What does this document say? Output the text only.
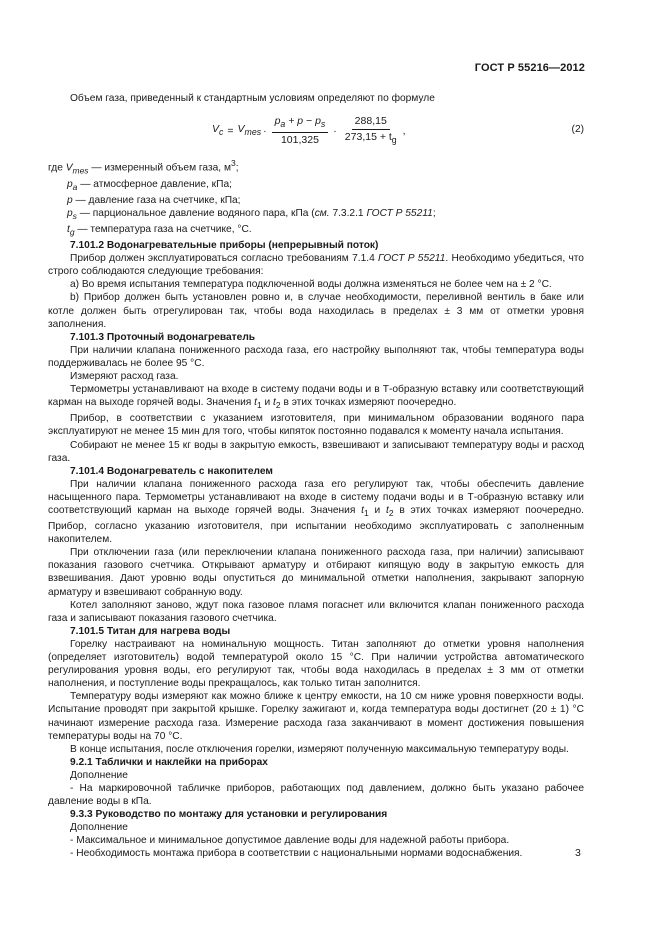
ГОСТ Р 55216—2012

Объем газа, приведенный к стандартным условиям определяют по формуле

$V_c = V_{mes} \cdot \frac{p_a + p - p_s}{101,325} \cdot \frac{288,15}{273,15 + t_g}$ ,	(2)

где $V_{mes}$ — измеренный объем газа, $м^3$;

$p_a$ — атмосферное давление, кПа;

p — давление газа на счетчике, кПа;

$p_s$ — парциональное давление водяного пара, кПа (см. 7.3.2.1 ГОСТ Р 55211;

$t_g$ — температура газа на счетчике, °С.

7.101.2 Водонагревательные приборы (непрерывный поток)

Прибор должен эксплуатироваться согласно требованиям 7.1.4 ГОСТ Р 55211. Необходимо убедиться, что строго соблюдаются следующие требования:

a) Во время испытания температура подключенной воды должна изменяться не более чем на ± 2 °С.

b) Прибор должен быть установлен ровно и, в случае необходимости, переливной вентиль в баке или котле должен быть отрегулирован так, чтобы вода находилась в пределах ± 3 мм от отметки уровня заполнения.

7.101.3 Проточный водонагреватель

При наличии клапана пониженного расхода газа, его настройку выполняют так, чтобы температура воды поддерживалась не более 95 °С.

Измеряют расход газа.

Термометры устанавливают на входе в систему подачи воды и в Т-образную вставку или соответствующий карман на выходе горячей воды. Значения $t_1$ и $t_2$ в этих точках измеряют поочередно.

Прибор, в соответствии с указанием изготовителя, при минимальном образовании водяного пара эксплуатируют не менее 15 мин для того, чтобы кипяток постоянно подавался к моменту начала испытания.

Собирают не менее 15 кг воды в закрытую емкость, взвешивают и записывают температуру воды и расход газа.

7.101.4 Водонагреватель с накопителем

При наличии клапана пониженного расхода газа его регулируют так, чтобы обеспечить давление насыщенного пара. Термометры устанавливают на входе в систему подачи воды и в Т-образную вставку или соответствующий карман на выходе горячей воды. Значения $t_1$ и $t_2$ в этих точках измеряют поочередно. Прибор, согласно указанию изготовителя, при испытании необходимо эксплуатировать с заполненным накопителем.

При отключении газа (или переключении клапана пониженного расхода газа, при наличии) записывают показания газового счетчика. Открывают арматуру и отбирают кипящую воду в закрытую емкость для взвешивания. Дают уровню воды опуститься до минимальной отметки наполнения, закрывают запорную арматуру и взвешивают собранную воду.

Котел заполняют заново, ждут пока газовое пламя погаснет или включится клапан пониженного расхода газа и записывают показания газового счетчика.

7.101.5 Титан для нагрева воды

Горелку настраивают на номинальную мощность. Титан заполняют до отметки уровня наполнения (определяет изготовитель) водой температурой около 15 °С. При наличии устройства автоматического регулирования уровня воды, его регулируют так, чтобы вода находилась в пределах ± 3 мм от отметки наполнения, и поступление воды прекращалось, как только титан заполнится.

Температуру воды измеряют как можно ближе к центру емкости, на 10 см ниже уровня поверхности воды. Испытание проводят при закрытой крышке. Горелку зажигают и, когда температура воды достигнет (20 ± 1) °С начинают измерение расхода газа. Измерение расхода газа заканчивают в момент достижения повышения температуры воды на 70 °С.

В конце испытания, после отключения горелки, измеряют полученную максимальную температуру воды.

9.2.1 Таблички и наклейки на приборах

Дополнение

- На маркировочной табличке приборов, работающих под давлением, должно быть указано рабочее давление воды в кПа.

9.3.3 Руководство по монтажу для установки и регулирования

Дополнение

- Максимальное и минимальное допустимое давление воды для надежной работы прибора.

- Необходимость монтажа прибора в соответствии с национальными нормами водоснабжения.	3
